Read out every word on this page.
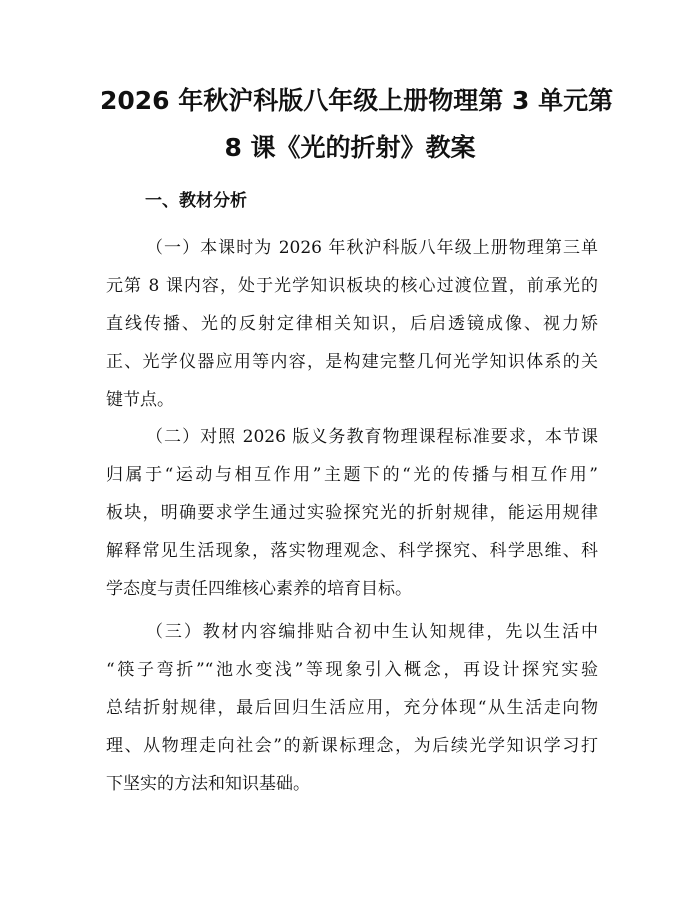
2026 年秋沪科版八年级上册物理第 3 单元第
8 课《光的折射》教案
一、教材分析
（一）本课时为 2026 年秋沪科版八年级上册物理第三单
元第 8 课内容，处于光学知识板块的核心过渡位置，前承光的
直线传播、光的反射定律相关知识，后启透镜成像、视力矫
正、光学仪器应用等内容，是构建完整几何光学知识体系的关
键节点。
（二）对照 2026 版义务教育物理课程标准要求，本节课
归属于“运动与相互作用”主题下的“光的传播与相互作用”
板块，明确要求学生通过实验探究光的折射规律，能运用规律
解释常见生活现象，落实物理观念、科学探究、科学思维、科
学态度与责任四维核心素养的培育目标。
（三）教材内容编排贴合初中生认知规律，先以生活中
“筷子弯折”“池水变浅”等现象引入概念，再设计探究实验
总结折射规律，最后回归生活应用，充分体现“从生活走向物
理、从物理走向社会”的新课标理念，为后续光学知识学习打
下坚实的方法和知识基础。
